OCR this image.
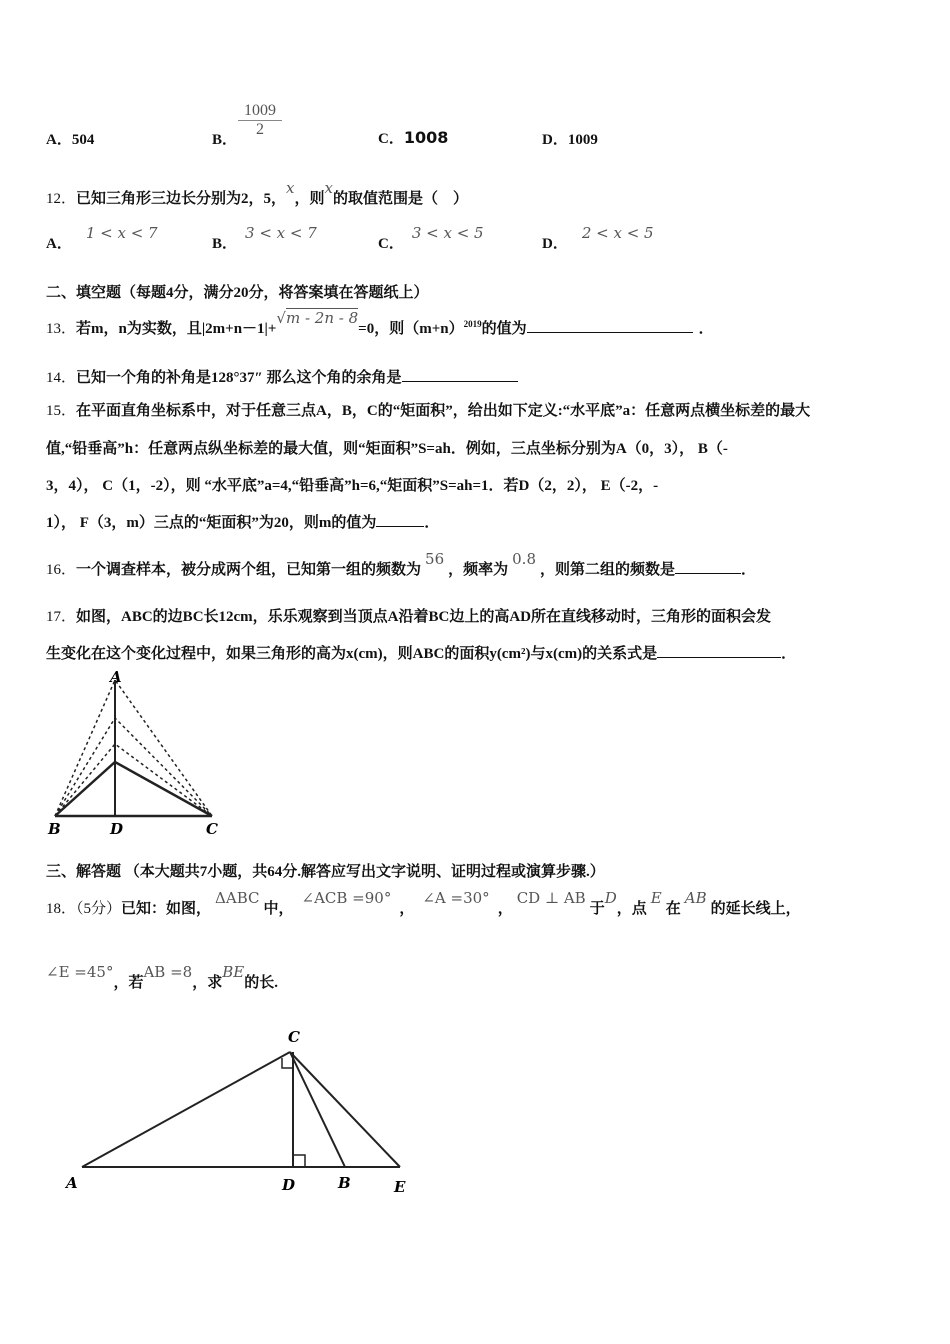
A．504	B．
$\frac{1009}{2}$	C．1008	D．1009
12．已知三角形三边长分别为2，5，x，则x的取值范围是（　）
A．1 < x < 7
B．3 < x < 7
C．3 < x < 5
D．2 < x < 5
二、填空题（每题4分，满分20分，将答案填在答题纸上）
13．若m，n为实数，且|2m+n－1|+√m - 2n - 8=0，则$(m+n)^{2019}$的值为	．
14．已知一个角的补角是128°37″ 那么这个角的余角是
15．在平面直角坐标系中，对于任意三点A，B，C的“矩面积”，给出如下定义:“水平底”a：任意两点横坐标差的最大
值,“铅垂高”h：任意两点纵坐标差的最大值，则“矩面积”S=ah．例如，三点坐标分别为A（0，3）， B（-
3，4）， C（1，-2），则 “水平底”a=4,“铅垂高”h=6,“矩面积”S=ah=1．若D（2，2）， E（-2，-
1）， F（3，m）三点的“矩面积”为20，则m的值为	．
16．一个调查样本，被分成两个组，已知第一组的频数为56，频率为0.8，则第二组的频数是	．
17．如图，ABC的边BC长12cm，乐乐观察到当顶点A沿着BC边上的高AD所在直线移动时，三角形的面积会发
生变化在这个变化过程中，如果三角形的高为x(cm)，则ABC的面积y(cm²)与x(cm)的关系式是	．
A
B	D	C
三、解答题 （本大题共7小题，共64分.解答应写出文字说明、证明过程或演算步骤.）
18．（5分）已知：如图，ΔABC中，∠ACB =90°，∠A =30°，CD ⊥ AB于D，点E在AB的延长线上，
∠E =45°，若AB =8，求BE的长.
C
A	D	B	E
